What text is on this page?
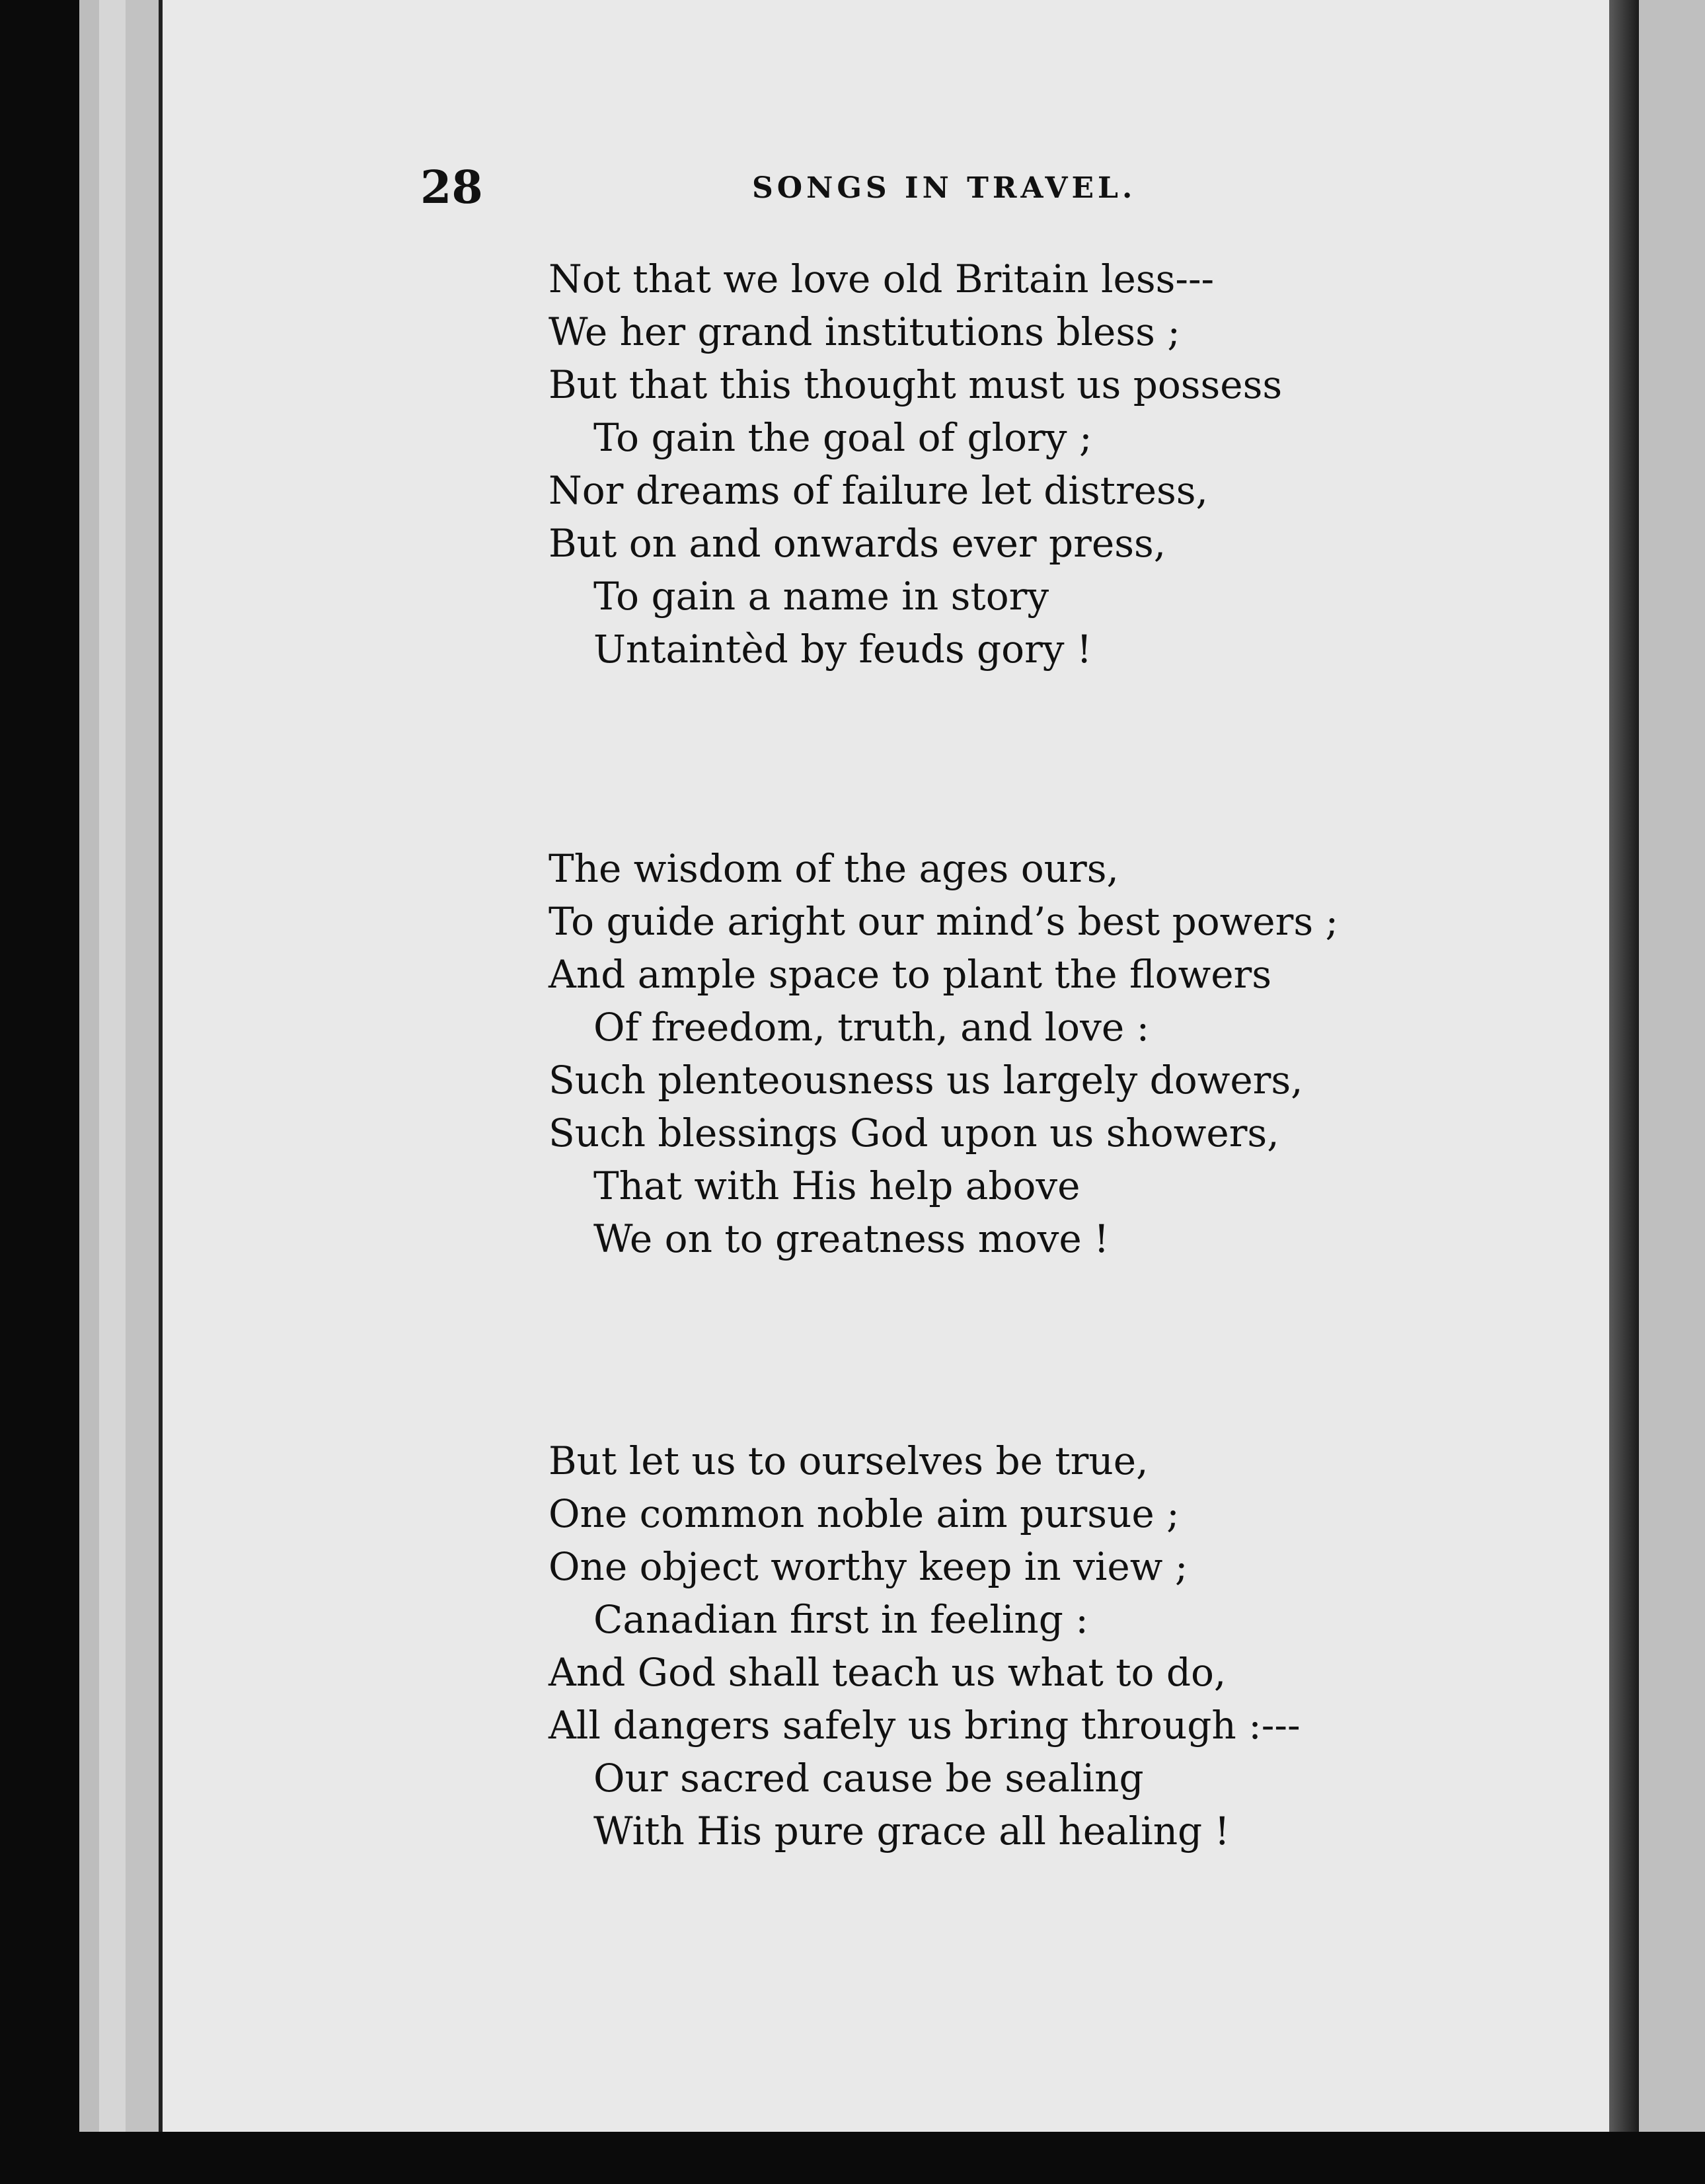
28	SONGS IN TRAVEL.
Not that we love old Britain less---
We her grand institutions bless ;
But that this thought must us possess
To gain the goal of glory ;
Nor dreams of failure let distress,
But on and onwards ever press,
To gain a name in story
Untaintèd by feuds gory !
The wisdom of the ages ours,
To guide aright our mind’s best powers ;
And ample space to plant the flowers
Of freedom, truth, and love :
Such plenteousness us largely dowers,
Such blessings God upon us showers,
That with His help above
We on to greatness move !
But let us to ourselves be true,
One common noble aim pursue ;
One object worthy keep in view ;
Canadian first in feeling :
And God shall teach us what to do,
All dangers safely us bring through :---
Our sacred cause be sealing
With His pure grace all healing !
